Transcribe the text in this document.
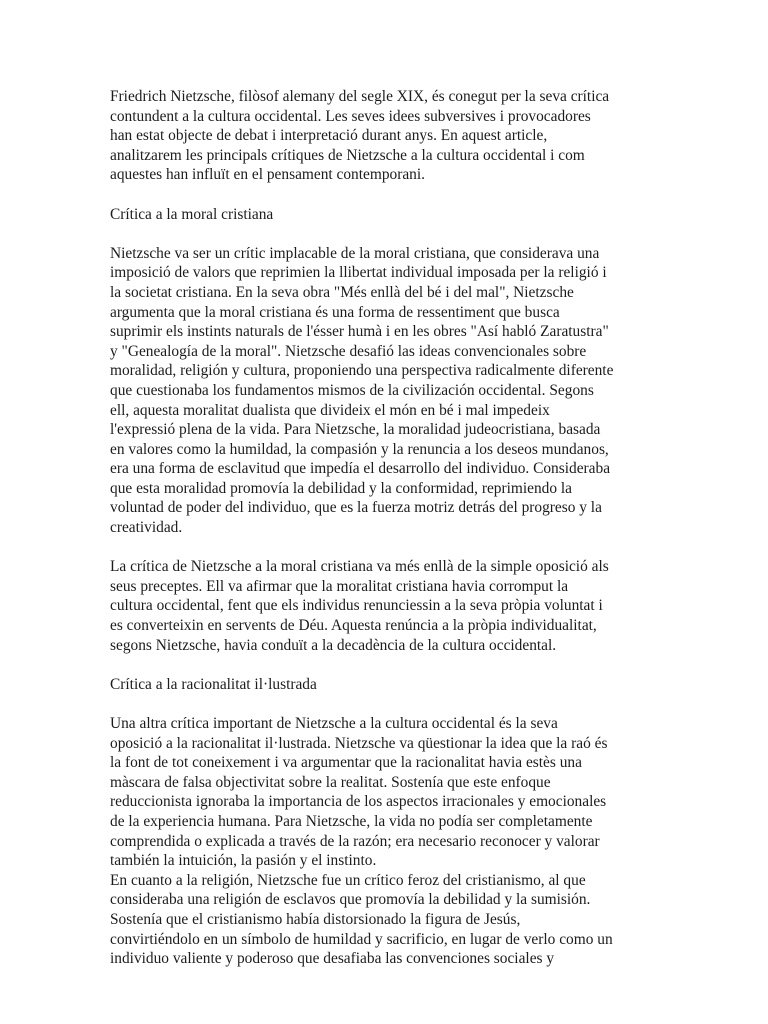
Friedrich Nietzsche, filòsof alemany del segle XIX, és conegut per la seva crítica
contundent a la cultura occidental. Les seves idees subversives i provocadores
han estat objecte de debat i interpretació durant anys. En aquest article,
analitzarem les principals crítiques de Nietzsche a la cultura occidental i com
aquestes han influït en el pensament contemporani.

Crítica a la moral cristiana

Nietzsche va ser un crític implacable de la moral cristiana, que considerava una
imposició de valors que reprimien la llibertat individual imposada per la religió i
la societat cristiana. En la seva obra "Més enllà del bé i del mal", Nietzsche
argumenta que la moral cristiana és una forma de ressentiment que busca
suprimir els instints naturals de l'ésser humà i en les obres "Así habló Zaratustra"
y "Genealogía de la moral". Nietzsche desafió las ideas convencionales sobre
moralidad, religión y cultura, proponiendo una perspectiva radicalmente diferente
que cuestionaba los fundamentos mismos de la civilización occidental. Segons
ell, aquesta moralitat dualista que divideix el món en bé i mal impedeix
l'expressió plena de la vida. Para Nietzsche, la moralidad judeocristiana, basada
en valores como la humildad, la compasión y la renuncia a los deseos mundanos,
era una forma de esclavitud que impedía el desarrollo del individuo. Consideraba
que esta moralidad promovía la debilidad y la conformidad, reprimiendo la
voluntad de poder del individuo, que es la fuerza motriz detrás del progreso y la
creatividad.

La crítica de Nietzsche a la moral cristiana va més enllà de la simple oposició als
seus preceptes. Ell va afirmar que la moralitat cristiana havia corromput la
cultura occidental, fent que els individus renunciessin a la seva pròpia voluntat i
es converteixin en servents de Déu. Aquesta renúncia a la pròpia individualitat,
segons Nietzsche, havia conduït a la decadència de la cultura occidental.

Crítica a la racionalitat il·lustrada

Una altra crítica important de Nietzsche a la cultura occidental és la seva
oposició a la racionalitat il·lustrada. Nietzsche va qüestionar la idea que la raó és
la font de tot coneixement i va argumentar que la racionalitat havia estès una
màscara de falsa objectivitat sobre la realitat. Sostenía que este enfoque
reduccionista ignoraba la importancia de los aspectos irracionales y emocionales
de la experiencia humana. Para Nietzsche, la vida no podía ser completamente
comprendida o explicada a través de la razón; era necesario reconocer y valorar
también la intuición, la pasión y el instinto.
En cuanto a la religión, Nietzsche fue un crítico feroz del cristianismo, al que
consideraba una religión de esclavos que promovía la debilidad y la sumisión.
Sostenía que el cristianismo había distorsionado la figura de Jesús,
convirtiéndolo en un símbolo de humildad y sacrificio, en lugar de verlo como un
individuo valiente y poderoso que desafiaba las convenciones sociales y
